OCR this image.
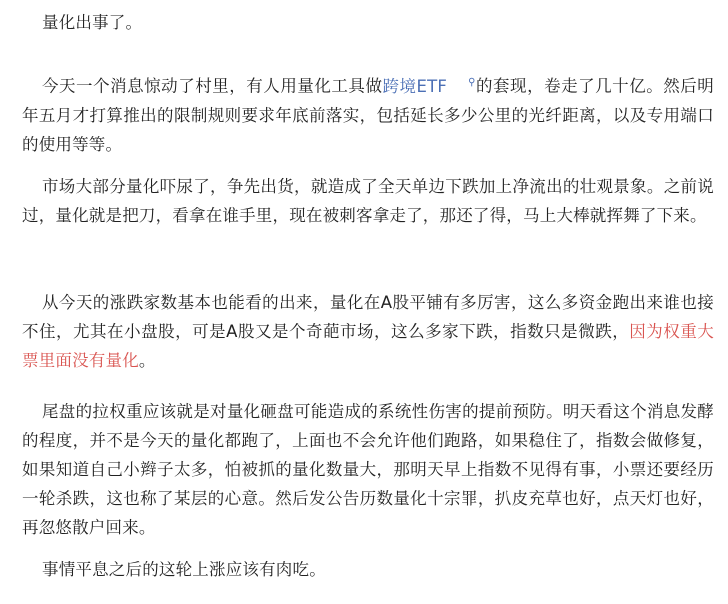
量化出事了。

今天一个消息惊动了村里，有人用量化工具做跨境ETF ⚲的套现，卷走了几十亿。然后明年五月才打算推出的限制规则要求年底前落实，包括延长多少公里的光纤距离，以及专用端口的使用等等。

市场大部分量化吓尿了，争先出货，就造成了全天单边下跌加上净流出的壮观景象。之前说过，量化就是把刀，看拿在谁手里，现在被刺客拿走了，那还了得，马上大棒就挥舞了下来。

从今天的涨跌家数基本也能看的出来，量化在A股平铺有多厉害，这么多资金跑出来谁也接不住，尤其在小盘股，可是A股又是个奇葩市场，这么多家下跌，指数只是微跌，因为权重大票里面没有量化。

尾盘的拉权重应该就是对量化砸盘可能造成的系统性伤害的提前预防。明天看这个消息发酵的程度，并不是今天的量化都跑了，上面也不会允许他们跑路，如果稳住了，指数会做修复，如果知道自己小辫子太多，怕被抓的量化数量大，那明天早上指数不见得有事，小票还要经历一轮杀跌，这也称了某层的心意。然后发公告历数量化十宗罪，扒皮充草也好，点天灯也好，再忽悠散户回来。

事情平息之后的这轮上涨应该有肉吃。
